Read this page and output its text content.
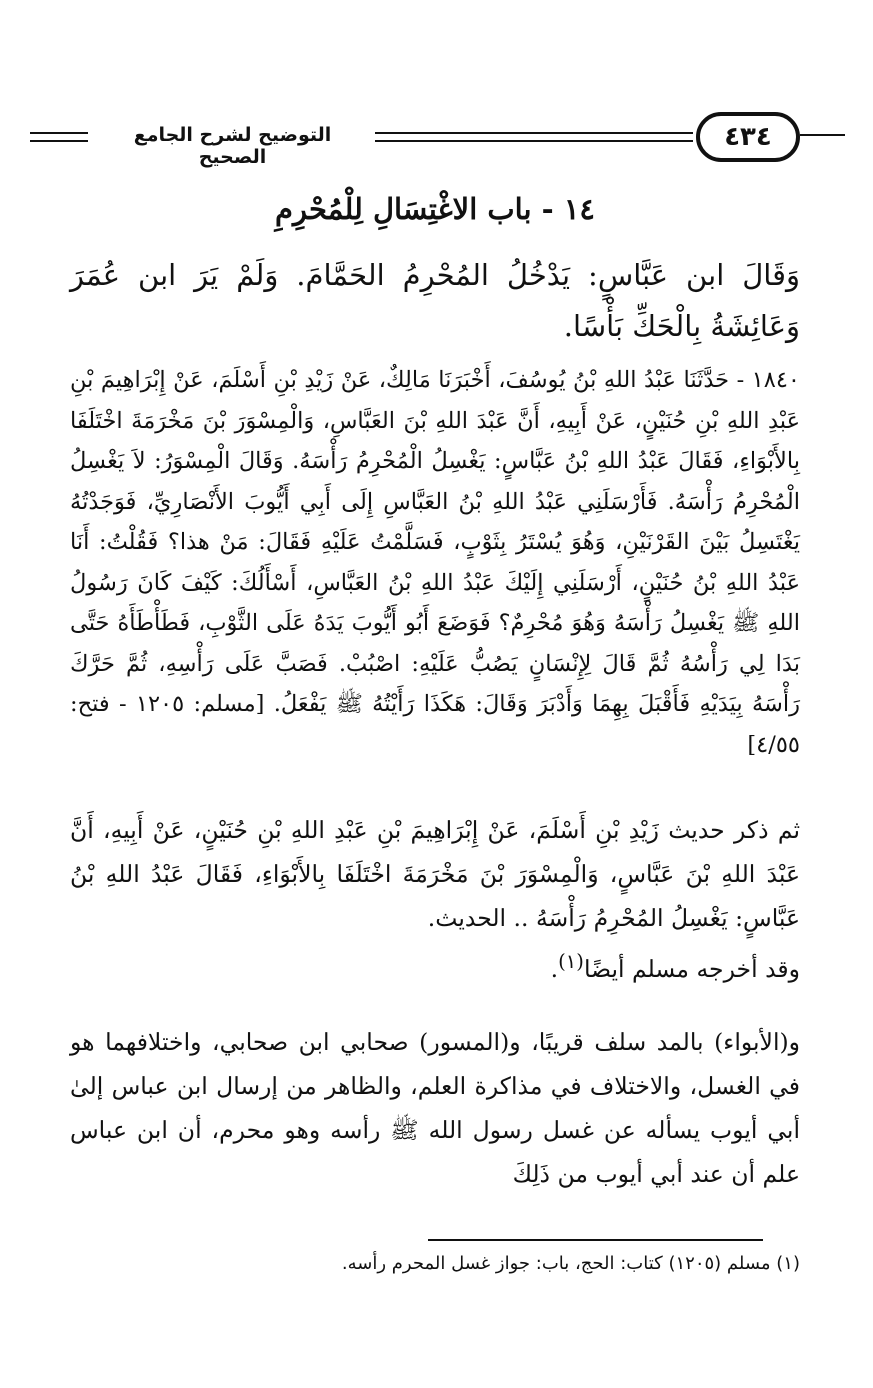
التوضيح لشرح الجامع الصحيح
٤٣٤
١٤ - باب الاغْتِسَالِ لِلْمُحْرِمِ
وَقَالَ ابن عَبَّاسٍ: يَدْخُلُ المُحْرِمُ الحَمَّامَ. وَلَمْ يَرَ ابن عُمَرَ وَعَائِشَةُ بِالْحَكِّ بَأْسًا.
١٨٤٠ - حَدَّثَنَا عَبْدُ اللهِ بْنُ يُوسُفَ، أَخْبَرَنَا مَالِكٌ، عَنْ زَيْدِ بْنِ أَسْلَمَ، عَنْ إِبْرَاهِيمَ بْنِ عَبْدِ اللهِ بْنِ حُنَيْنٍ، عَنْ أَبِيهِ، أَنَّ عَبْدَ اللهِ بْنَ العَبَّاسِ، وَالْمِسْوَرَ بْنَ مَخْرَمَةَ اخْتَلَفَا بِالأَبْوَاءِ، فَقَالَ عَبْدُ اللهِ بْنُ عَبَّاسٍ: يَغْسِلُ الْمُحْرِمُ رَأْسَهُ. وَقَالَ الْمِسْوَرُ: لاَ يَغْسِلُ الْمُحْرِمُ رَأْسَهُ. فَأَرْسَلَنِي عَبْدُ اللهِ بْنُ العَبَّاسِ إِلَى أَبِي أَيُّوبَ الأَنْصَارِيِّ، فَوَجَدْتُهُ يَغْتَسِلُ بَيْنَ القَرْنَيْنِ، وَهُوَ يُسْتَرُ بِثَوْبٍ، فَسَلَّمْتُ عَلَيْهِ فَقَالَ: مَنْ هذا؟ فَقُلْتُ: أَنَا عَبْدُ اللهِ بْنُ حُنَيْنٍ، أَرْسَلَنِي إِلَيْكَ عَبْدُ اللهِ بْنُ العَبَّاسِ، أَسْأَلُكَ: كَيْفَ كَانَ رَسُولُ اللهِ ﷺ يَغْسِلُ رَأْسَهُ وَهُوَ مُحْرِمٌ؟ فَوَضَعَ أَبُو أَيُّوبَ يَدَهُ عَلَى الثَّوْبِ، فَطَأْطَأَهُ حَتَّى بَدَا لِي رَأْسُهُ ثُمَّ قَالَ لِإِنْسَانٍ يَصُبُّ عَلَيْهِ: اصْبُبْ. فَصَبَّ عَلَى رَأْسِهِ، ثُمَّ حَرَّكَ رَأْسَهُ بِيَدَيْهِ فَأَقْبَلَ بِهِمَا وَأَدْبَرَ وَقَالَ: هَكَذَا رَأَيْتُهُ ﷺ يَفْعَلُ. [مسلم: ١٢٠٥ - فتح: ٤/٥٥]

ثم ذكر حديث زَيْدِ بْنِ أَسْلَمَ، عَنْ إِبْرَاهِيمَ بْنِ عَبْدِ اللهِ بْنِ حُنَيْنٍ، عَنْ أَبِيهِ، أَنَّ عَبْدَ اللهِ بْنَ عَبَّاسٍ، وَالْمِسْوَرَ بْنَ مَخْرَمَةَ اخْتَلَفَا بِالأَبْوَاءِ، فَقَالَ عَبْدُ اللهِ بْنُ عَبَّاسٍ: يَغْسِلُ المُحْرِمُ رَأْسَهُ .. الحديث.

وقد أخرجه مسلم أيضًا$^{(١)}$.

و(الأبواء) بالمد سلف قريبًا، و(المسور) صحابي ابن صحابي، واختلافهما هو في الغسل، والاختلاف في مذاكرة العلم، والظاهر من إرسال ابن عباس إلىٰ أبي أيوب يسأله عن غسل رسول الله ﷺ رأسه وهو محرم، أن ابن عباس علم أن عند أبي أيوب من ذَلِكَ
(١) مسلم (١٢٠٥) كتاب: الحج، باب: جواز غسل المحرم رأسه.
